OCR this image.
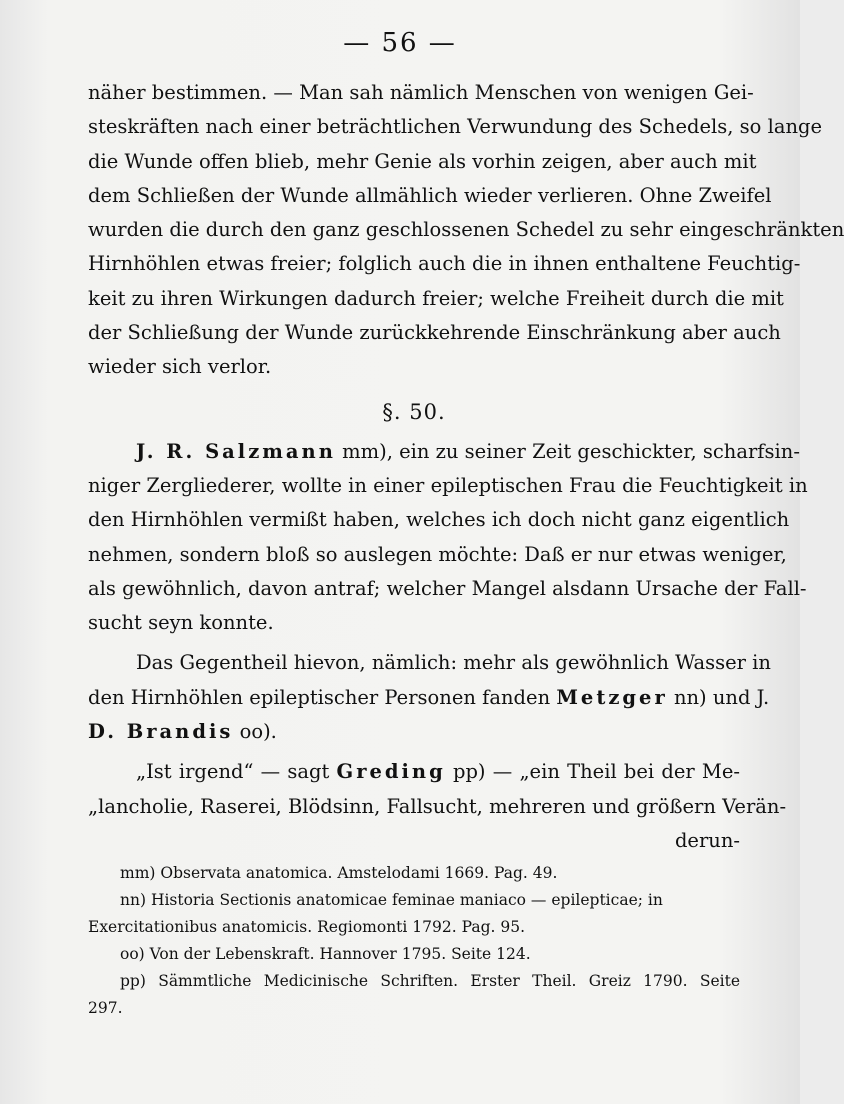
— 56 —
näher bestimmen. — Man sah nämlich Menschen von wenigen Gei-
steskräften nach einer beträchtlichen Verwundung des Schedels, so lange
die Wunde offen blieb, mehr Genie als vorhin zeigen, aber auch mit
dem Schließen der Wunde allmählich wieder verlieren. Ohne Zweifel
wurden die durch den ganz geschlossenen Schedel zu sehr eingeschränkten
Hirnhöhlen etwas freier; folglich auch die in ihnen enthaltene Feuchtig-
keit zu ihren Wirkungen dadurch freier; welche Freiheit durch die mit
der Schließung der Wunde zurückkehrende Einschränkung aber auch
wieder sich verlor.
§. 50.
J. R. Salzmann mm), ein zu seiner Zeit geschickter, scharfsin-
niger Zergliederer, wollte in einer epileptischen Frau die Feuchtigkeit in
den Hirnhöhlen vermißt haben, welches ich doch nicht ganz eigentlich
nehmen, sondern bloß so auslegen möchte: Daß er nur etwas weniger,
als gewöhnlich, davon antraf; welcher Mangel alsdann Ursache der Fall-
sucht seyn konnte.
Das Gegentheil hievon, nämlich: mehr als gewöhnlich Wasser in
den Hirnhöhlen epileptischer Personen fanden Metzger nn) und J.
D. Brandis oo).
„Ist irgend“ — sagt Greding pp) — „ein Theil bei der Me-
„lancholie, Raserei, Blödsinn, Fallsucht, mehreren und größern Verän-
derun-
mm) Observata anatomica. Amstelodami 1669. Pag. 49.
nn) Historia Sectionis anatomicae feminae maniaco — epilepticae; in
Exercitationibus anatomicis. Regiomonti 1792. Pag. 95.
oo) Von der Lebenskraft. Hannover 1795. Seite 124.
pp) Sämmtliche Medicinische Schriften. Erster Theil. Greiz 1790. Seite
297.
